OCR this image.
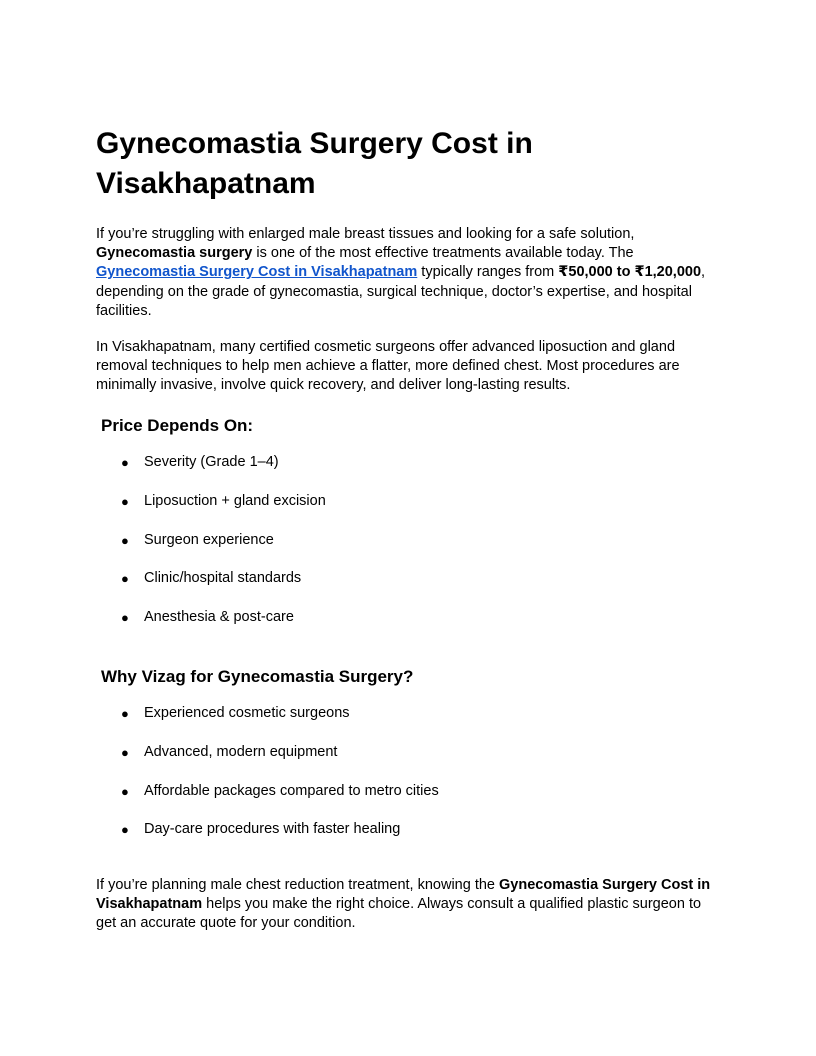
Gynecomastia Surgery Cost in Visakhapatnam

If you’re struggling with enlarged male breast tissues and looking for a safe solution, Gynecomastia surgery is one of the most effective treatments available today. The Gynecomastia Surgery Cost in Visakhapatnam typically ranges from ₹50,000 to ₹1,20,000, depending on the grade of gynecomastia, surgical technique, doctor’s expertise, and hospital facilities.

In Visakhapatnam, many certified cosmetic surgeons offer advanced liposuction and gland removal techniques to help men achieve a flatter, more defined chest. Most procedures are minimally invasive, involve quick recovery, and deliver long-lasting results.

Price Depends On:
● Severity (Grade 1–4)
● Liposuction + gland excision
● Surgeon experience
● Clinic/hospital standards
● Anesthesia & post-care
Why Vizag for Gynecomastia Surgery?
● Experienced cosmetic surgeons
● Advanced, modern equipment
● Affordable packages compared to metro cities
● Day-care procedures with faster healing

If you’re planning male chest reduction treatment, knowing the Gynecomastia Surgery Cost in Visakhapatnam helps you make the right choice. Always consult a qualified plastic surgeon to get an accurate quote for your condition.
